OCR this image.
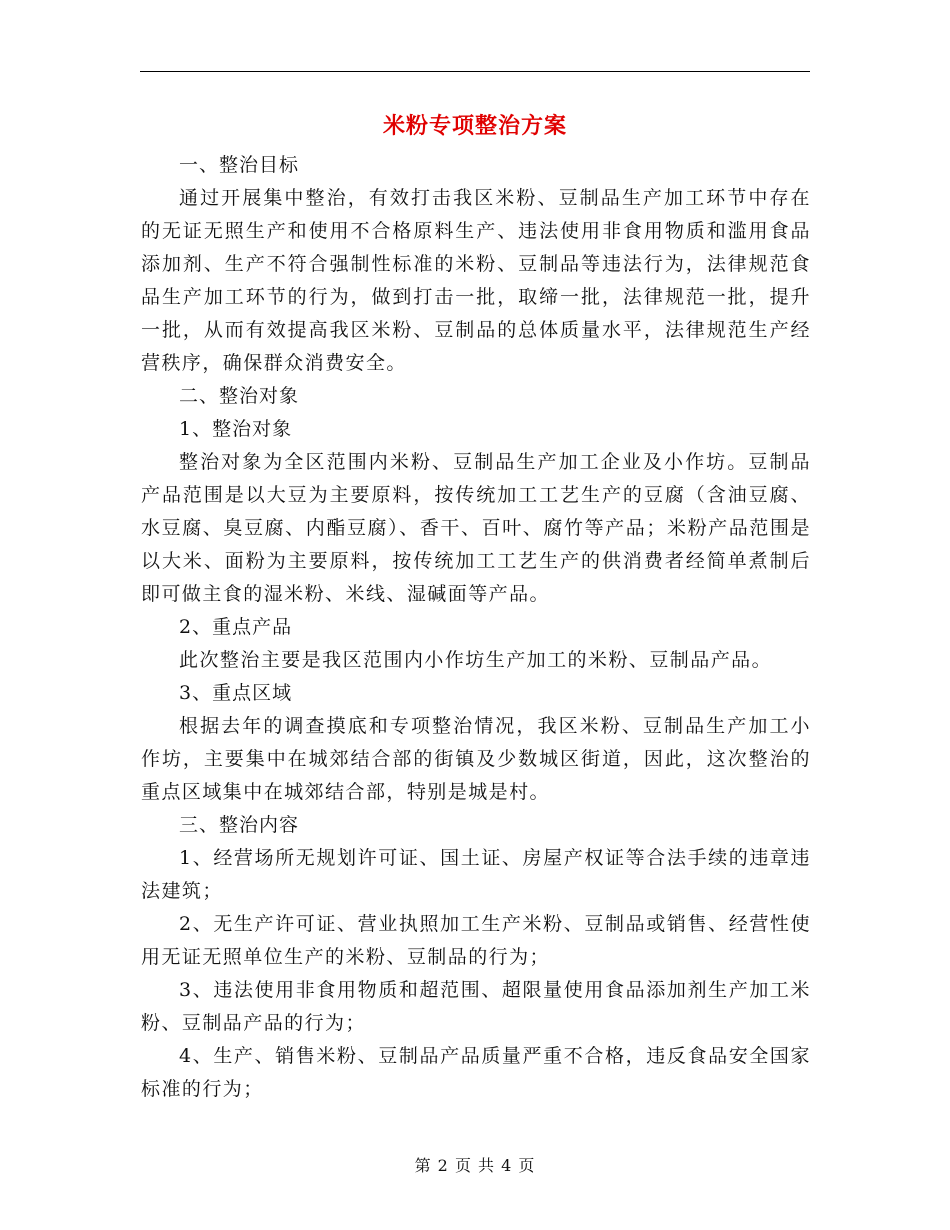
米粉专项整治方案

一、整治目标

通过开展集中整治，有效打击我区米粉、豆制品生产加工环节中存在的无证无照生产和使用不合格原料生产、违法使用非食用物质和滥用食品添加剂、生产不符合强制性标准的米粉、豆制品等违法行为，法律规范食品生产加工环节的行为，做到打击一批，取缔一批，法律规范一批，提升一批，从而有效提高我区米粉、豆制品的总体质量水平，法律规范生产经营秩序，确保群众消费安全。

二、整治对象

1、整治对象

整治对象为全区范围内米粉、豆制品生产加工企业及小作坊。豆制品产品范围是以大豆为主要原料，按传统加工工艺生产的豆腐（含油豆腐、水豆腐、臭豆腐、内酯豆腐）、香干、百叶、腐竹等产品；米粉产品范围是以大米、面粉为主要原料，按传统加工工艺生产的供消费者经简单煮制后即可做主食的湿米粉、米线、湿碱面等产品。

2、重点产品

此次整治主要是我区范围内小作坊生产加工的米粉、豆制品产品。

3、重点区域

根据去年的调查摸底和专项整治情况，我区米粉、豆制品生产加工小作坊，主要集中在城郊结合部的街镇及少数城区街道，因此，这次整治的重点区域集中在城郊结合部，特别是城是村。

三、整治内容

1、经营场所无规划许可证、国土证、房屋产权证等合法手续的违章违法建筑；

2、无生产许可证、营业执照加工生产米粉、豆制品或销售、经营性使用无证无照单位生产的米粉、豆制品的行为；

3、违法使用非食用物质和超范围、超限量使用食品添加剂生产加工米粉、豆制品产品的行为；

4、生产、销售米粉、豆制品产品质量严重不合格，违反食品安全国家标准的行为；

第 2 页 共 4 页
